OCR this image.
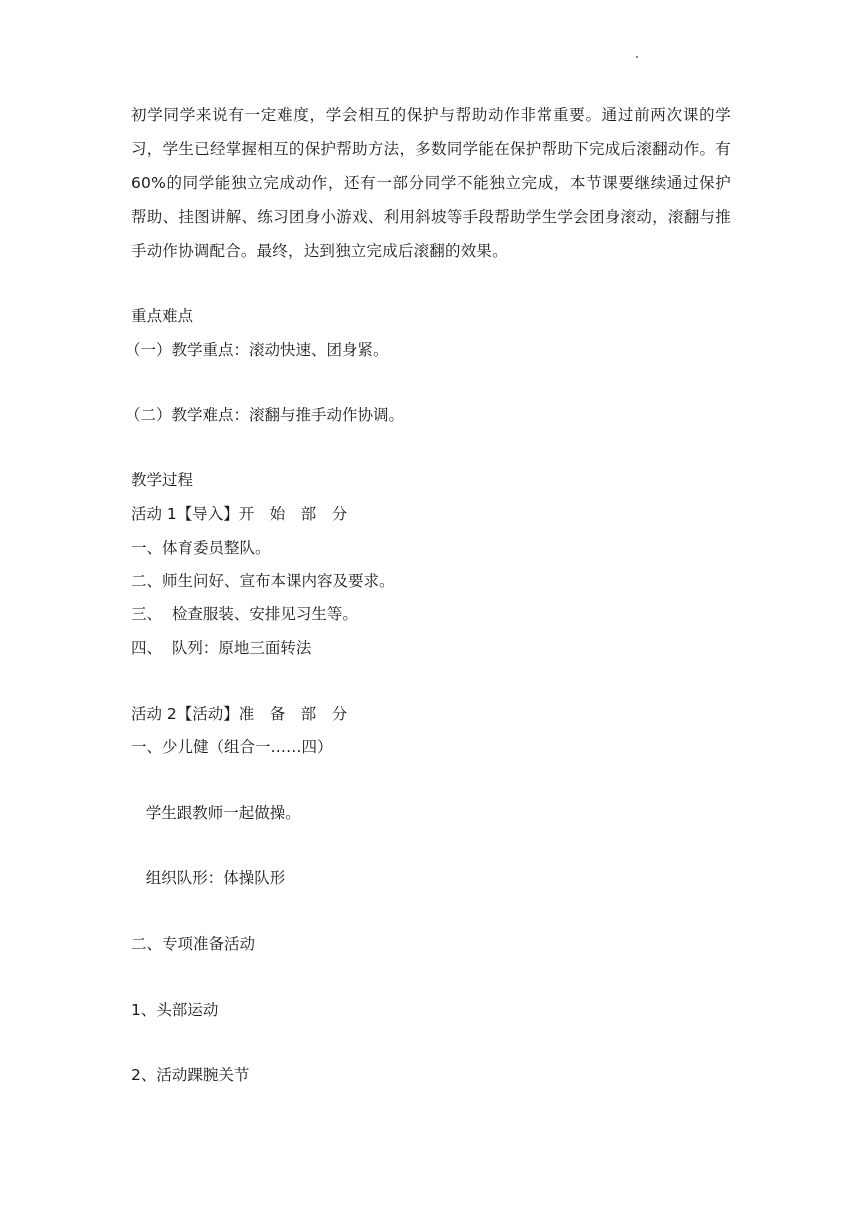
初学同学来说有一定难度，学会相互的保护与帮助动作非常重要。通过前两次课的学习，学生已经掌握相互的保护帮助方法，多数同学能在保护帮助下完成后滚翻动作。有 60%的同学能独立完成动作，还有一部分同学不能独立完成，本节课要继续通过保护帮助、挂图讲解、练习团身小游戏、利用斜坡等手段帮助学生学会团身滚动，滚翻与推手动作协调配合。最终，达到独立完成后滚翻的效果。

重点难点

（一）教学重点：滚动快速、团身紧。

（二）教学难点：滚翻与推手动作协调。

教学过程

活动 1【导入】开　始　部　分

一、体育委员整队。

二、师生问好、宣布本课内容及要求。

三、  检查服装、安排见习生等。

四、  队列：原地三面转法

活动 2【活动】准　备　部　分

一、少儿健（组合一……四）

学生跟教师一起做操。

组织队形：体操队形

二、专项准备活动

1、头部运动

2、活动踝腕关节
